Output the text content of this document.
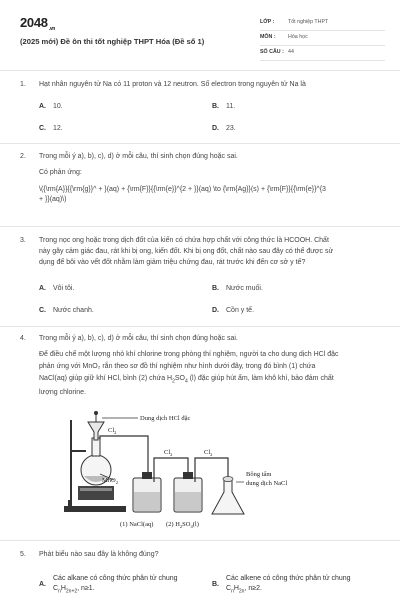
2048.vn
(2025 mới) Đề ôn thi tốt nghiệp THPT Hóa (Đề số 1)
LỚP :	Tốt nghiệp THPT
MÔN :	Hóa học
SỐ CÂU : 44
1. Hạt nhân nguyên tử Na có 11 proton và 12 neutron. Số electron trong nguyên tử Na là
A. 10.	B. 11.
C. 12.	D. 23.
2. Trong mỗi ý a), b), c), d) ở mỗi câu, thí sinh chọn đúng hoặc sai.
Có phản ứng:
\({\rm{A}}{{\rm{g}}^ + }(aq) + {\rm{F}}{{\rm{e}}^{2 + }}(aq) \to {\rm{Ag}}(s) + {\rm{F}}{{\rm{e}}^{3
+ }}(aq)\)
3. Trong nọc ong hoặc trong dịch đốt của kiến có chứa hợp chất với công thức là HCOOH. Chất
này gây cảm giác đau, rát khi bị ong, kiến đốt. Khi bị ong đốt, chất nào sau đây có thể được sử
dụng để bôi vào vết đốt nhằm làm giảm triệu chứng đau, rát trước khi đến cơ sở y tế?
A. Vôi tôi.	B. Nước muối.
C. Nước chanh.	D. Cồn y tế.
4. Trong mỗi ý a), b), c), d) ở mỗi câu, thí sinh chọn đúng hoặc sai.
Để điều chế một lượng nhỏ khí chlorine trong phòng thí nghiệm, người ta cho dung dịch HCl đặc
phản ứng với MnO₂ rắn theo sơ đồ thí nghiệm như hình dưới đây, trong đó bình (1) chứa
NaCl(aq) giúp giữ khí HCl, bình (2) chứa $H_2SO_4$ (l) đặc giúp hút ẩm, làm khô khí, bảo đảm chất
lượng chlorine.
Dung dịch HCl đặc
MnO$_2$
$Cl_2$
$Cl_2$	$Cl_2$
Bông tẩm
dung dịch NaCl
(1) NaCl(aq) (2) $H_2SO_4(l)$
5. Phát biểu nào sau đây là không đúng?
A.
Các alkane có công thức phân tử chung
$C_nH_{2n+2}$, n≥1.
B.
Các alkene có công thức phân tử chung
$C_nH_{2n}$, n≥2.
